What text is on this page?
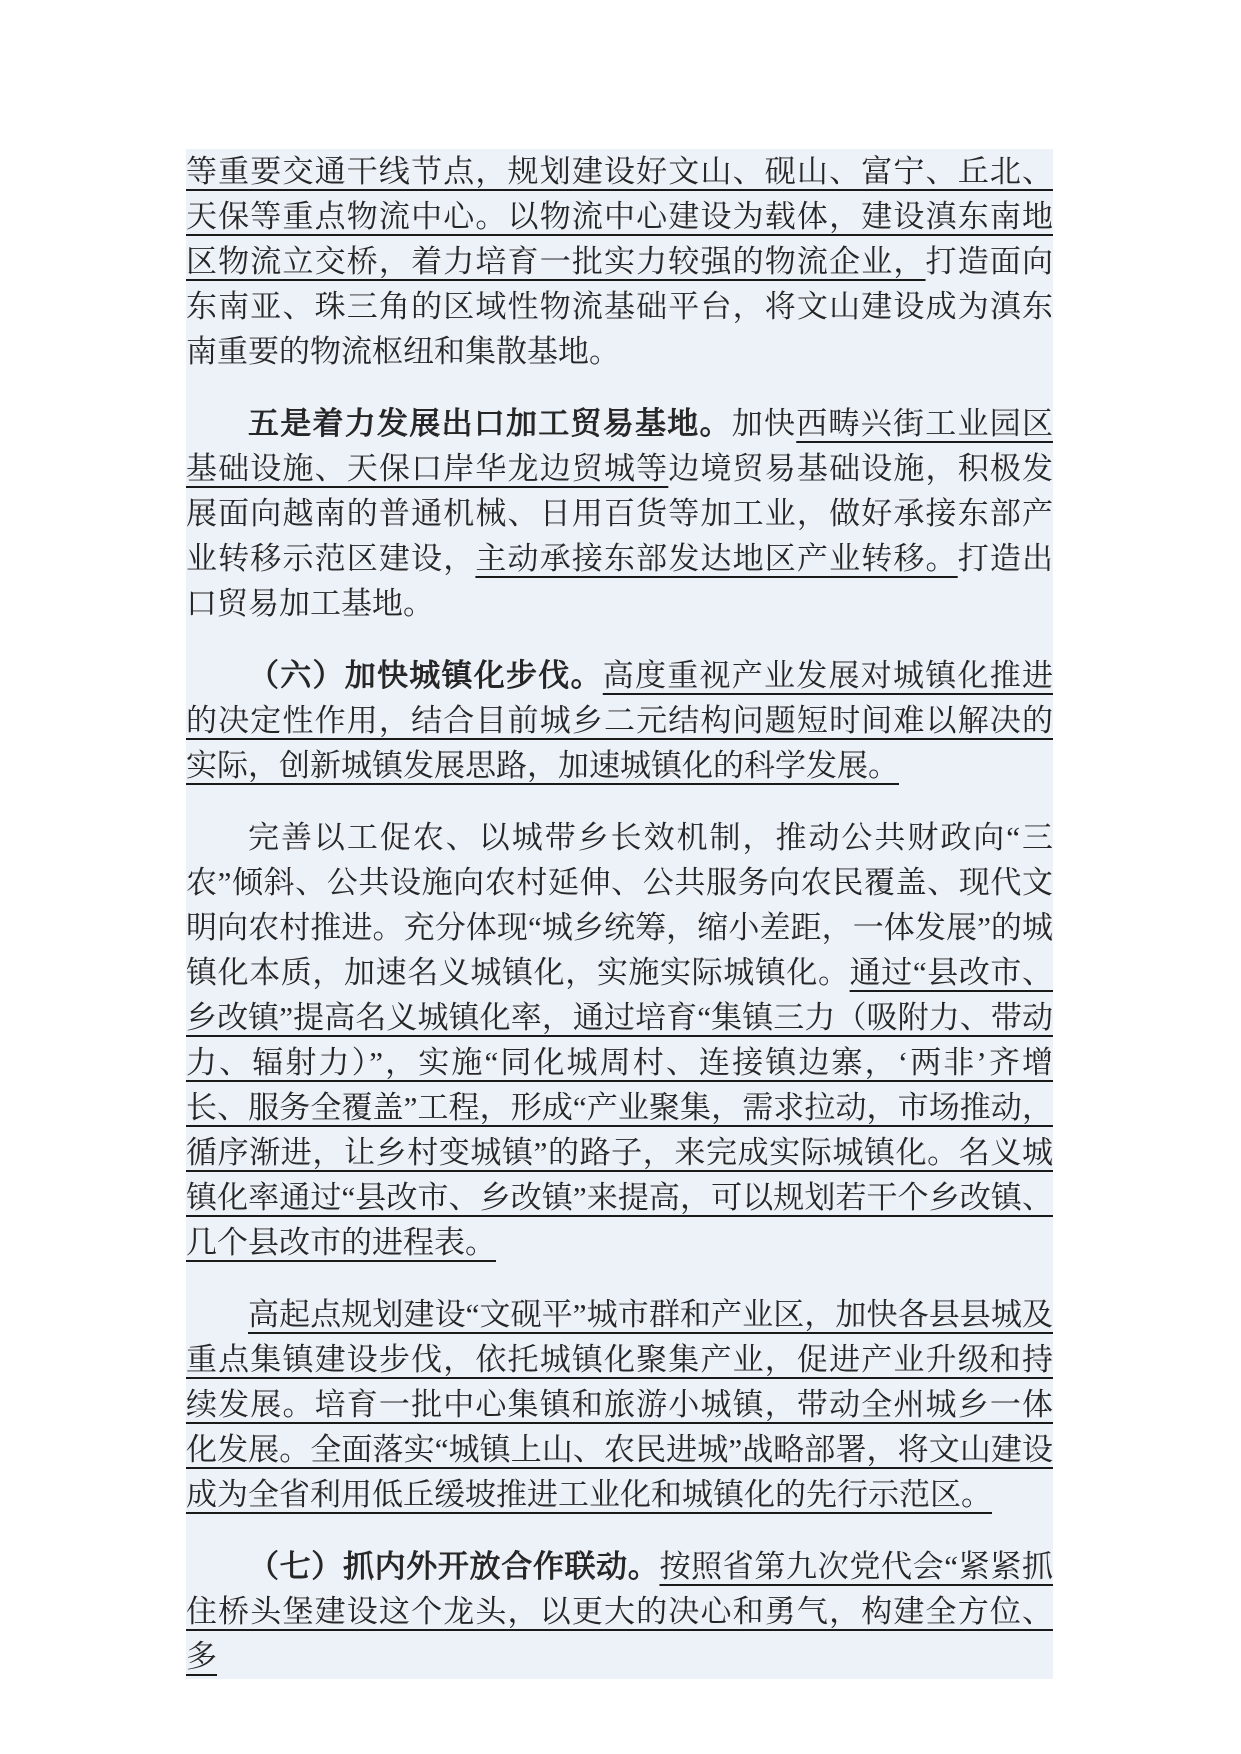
等重要交通干线节点，规划建设好文山、砚山、富宁、丘北、天保等重点物流中心。以物流中心建设为载体，建设滇东南地区物流立交桥，着力培育一批实力较强的物流企业，打造面向东南亚、珠三角的区域性物流基础平台，将文山建设成为滇东南重要的物流枢纽和集散基地。

五是着力发展出口加工贸易基地。加快西畴兴街工业园区基础设施、天保口岸华龙边贸城等边境贸易基础设施，积极发展面向越南的普通机械、日用百货等加工业，做好承接东部产业转移示范区建设，主动承接东部发达地区产业转移。打造出口贸易加工基地。

（六）加快城镇化步伐。高度重视产业发展对城镇化推进的决定性作用，结合目前城乡二元结构问题短时间难以解决的实际，创新城镇发展思路，加速城镇化的科学发展。

完善以工促农、以城带乡长效机制，推动公共财政向“三农”倾斜、公共设施向农村延伸、公共服务向农民覆盖、现代文明向农村推进。充分体现“城乡统筹，缩小差距，一体发展”的城镇化本质，加速名义城镇化，实施实际城镇化。通过“县改市、乡改镇”提高名义城镇化率，通过培育“集镇三力（吸附力、带动力、辐射力）”，实施“同化城周村、连接镇边寨，‘两非’齐增长、服务全覆盖”工程，形成“产业聚集，需求拉动，市场推动，循序渐进，让乡村变城镇”的路子，来完成实际城镇化。名义城镇化率通过“县改市、乡改镇”来提高，可以规划若干个乡改镇、几个县改市的进程表。

高起点规划建设“文砚平”城市群和产业区，加快各县县城及重点集镇建设步伐，依托城镇化聚集产业，促进产业升级和持续发展。培育一批中心集镇和旅游小城镇，带动全州城乡一体化发展。全面落实“城镇上山、农民进城”战略部署，将文山建设成为全省利用低丘缓坡推进工业化和城镇化的先行示范区。

（七）抓内外开放合作联动。按照省第九次党代会“紧紧抓住桥头堡建设这个龙头，以更大的决心和勇气，构建全方位、多
